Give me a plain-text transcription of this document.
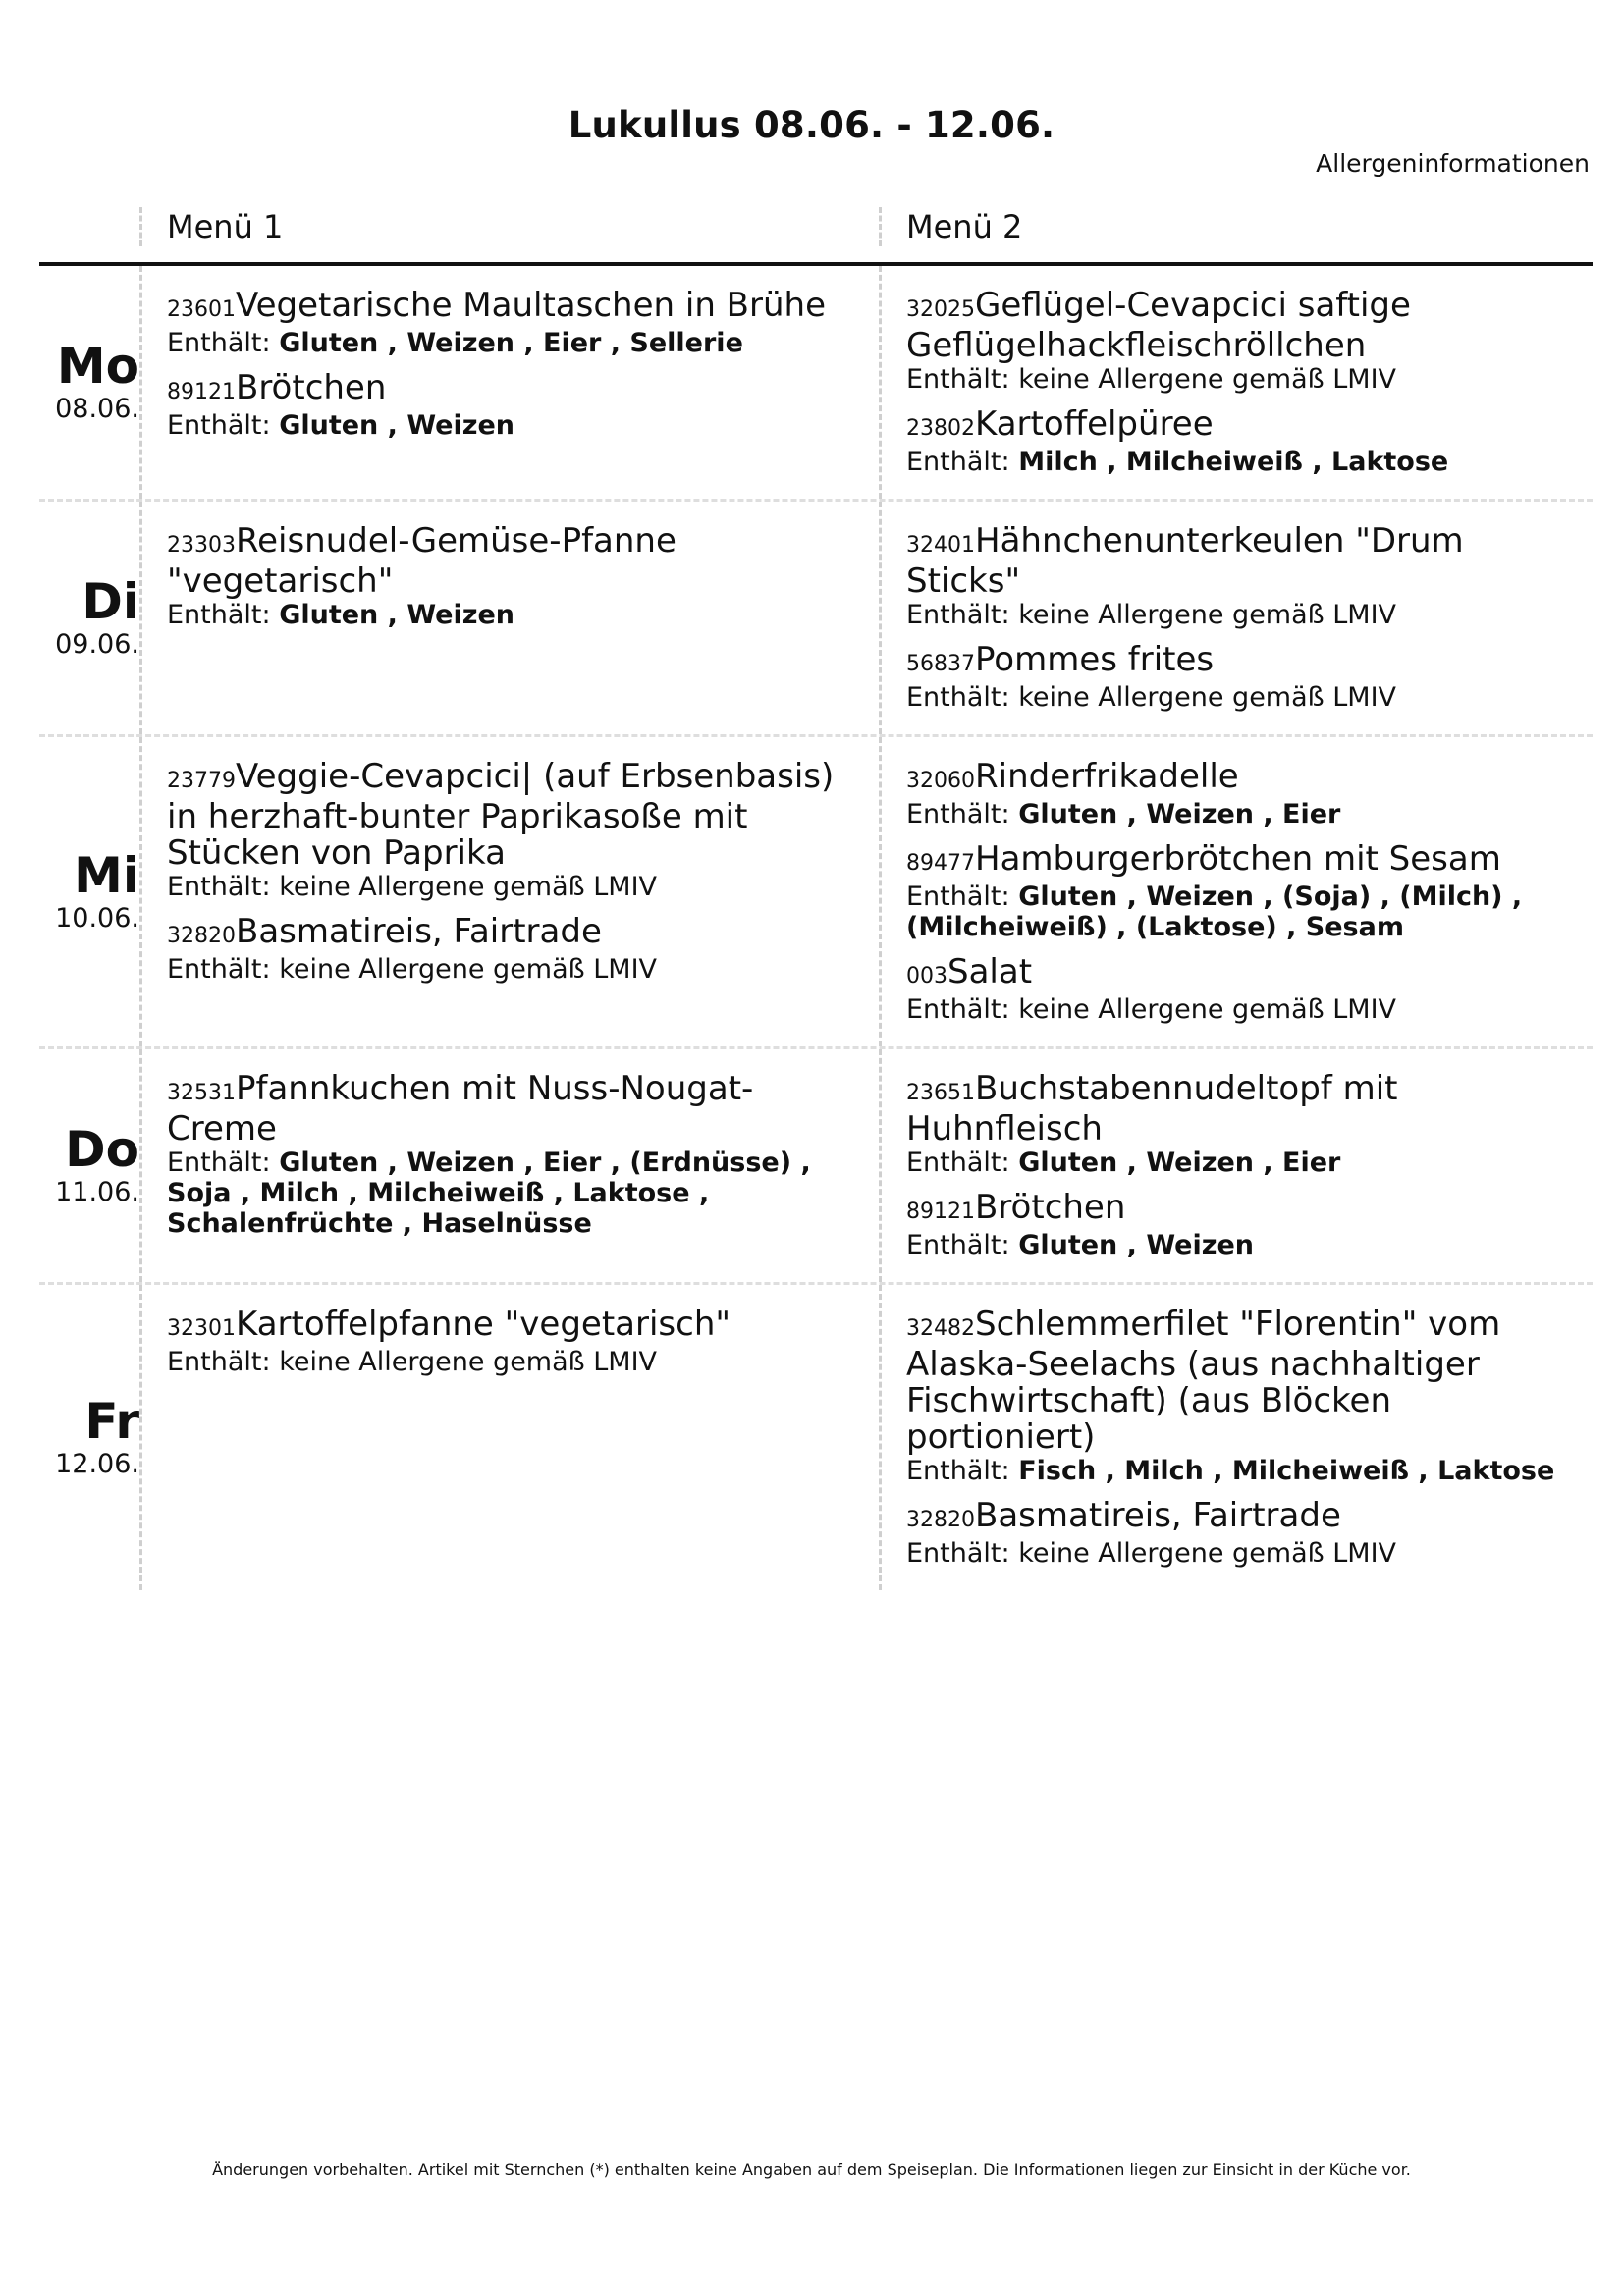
Lukullus 08.06. - 12.06.
Allergeninformationen
Menü 1	Menü 2
Mo
08.06.
23601Vegetarische Maultaschen in Brühe
Enthält: Gluten , Weizen , Eier , Sellerie
89121Brötchen
Enthält: Gluten , Weizen
32025Geflügel-Cevapcici saftige Geflügelhackfleischröllchen
Enthält: keine Allergene gemäß LMIV
23802Kartoffelpüree
Enthält: Milch , Milcheiweiß , Laktose
Di
09.06.
23303Reisnudel-Gemüse-Pfanne "vegetarisch"
Enthält: Gluten , Weizen
32401Hähnchenunterkeulen "Drum Sticks"
Enthält: keine Allergene gemäß LMIV
56837Pommes frites
Enthält: keine Allergene gemäß LMIV
Mi
10.06.
23779Veggie-Cevapcici| (auf Erbsenbasis) in herzhaft-bunter Paprikasoße mit Stücken von Paprika
Enthält: keine Allergene gemäß LMIV
32820Basmatireis, Fairtrade
Enthält: keine Allergene gemäß LMIV
32060Rinderfrikadelle
Enthält: Gluten , Weizen , Eier
89477Hamburgerbrötchen mit Sesam
Enthält: Gluten , Weizen , (Soja) , (Milch) , (Milcheiweiß) , (Laktose) , Sesam
003Salat
Enthält: keine Allergene gemäß LMIV
Do
11.06.
32531Pfannkuchen mit Nuss-Nougat-Creme
Enthält: Gluten , Weizen , Eier , (Erdnüsse) , Soja , Milch , Milcheiweiß , Laktose , Schalenfrüchte , Haselnüsse
23651Buchstabennudeltopf mit Huhnfleisch
Enthält: Gluten , Weizen , Eier
89121Brötchen
Enthält: Gluten , Weizen
Fr
12.06.
32301Kartoffelpfanne "vegetarisch"
Enthält: keine Allergene gemäß LMIV
32482Schlemmerfilet "Florentin" vom Alaska-Seelachs (aus nachhaltiger Fischwirtschaft) (aus Blöcken portioniert)
Enthält: Fisch , Milch , Milcheiweiß , Laktose
32820Basmatireis, Fairtrade
Enthält: keine Allergene gemäß LMIV
Änderungen vorbehalten. Artikel mit Sternchen (*) enthalten keine Angaben auf dem Speiseplan. Die Informationen liegen zur Einsicht in der Küche vor.
